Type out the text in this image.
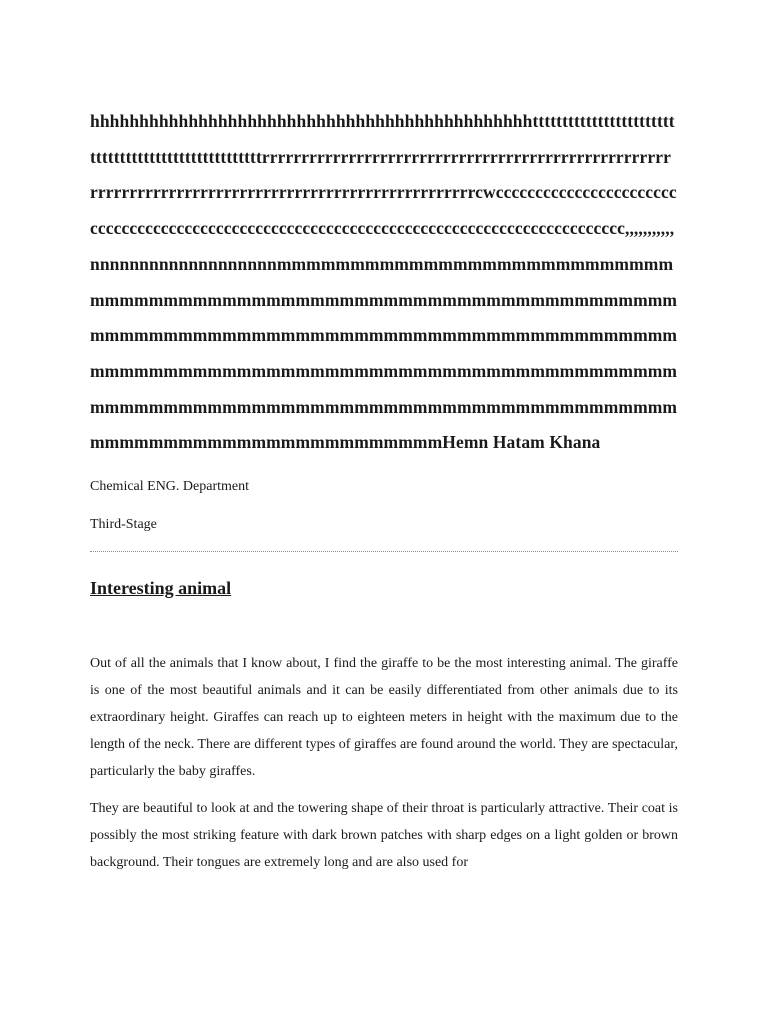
hhhhhhhhhhhhhhhhhhhhhhhhhhhhhhhhhhhhhhhhhhhhhtttttttttttttttttttttttttttttttttttttttttttttttttttttrrrrrrrrrrrrrrrrrrrrrrrrrrrrrrrrrrrrrrrrrrrrrrrrrrrrrrrrrrrrrrrrrrrrrrrrrrrrrrrrrrrrrrrrrrrrrrrrrrrrrcwccccccccccccccccccccccccccccccccccccccccccccccccccccccccccccccccccccccccccccccccccccccccccc,,,,,,,,,,,nnnnnnnnnnnnnnnnnnnmmmmmmmmmmmmmmmmmmmmmmmmmmmmmmmmmmmmmmmmmmmmmmmmmmmmmmmmmmmmmmmmmmmmmmmmmmmmmmmmmmmmmmmmmmmmmmmmmmmmmmmmmmmmmmmmmmmmmmmmmmmmmmmmmmmmmmmmmmmmmmmmmmmmmmmmmmmmmmmmmmmmmmmmmmmmmmmmmmmmmmmmmmmmmmmmmmmmmmmmmmmmmmmmmmmHemn Hatam Khana

Chemical ENG. Department

Third-Stage

Interesting animal

Out of all the animals that I know about, I find the giraffe to be the most interesting animal. The giraffe is one of the most beautiful animals and it can be easily differentiated from other animals due to its extraordinary height. Giraffes can reach up to eighteen meters in height with the maximum due to the length of the neck. There are different types of giraffes are found around the world. They are spectacular, particularly the baby giraffes.

They are beautiful to look at and the towering shape of their throat is particularly attractive. Their coat is possibly the most striking feature with dark brown patches with sharp edges on a light golden or brown background. Their tongues are extremely long and are also used for
